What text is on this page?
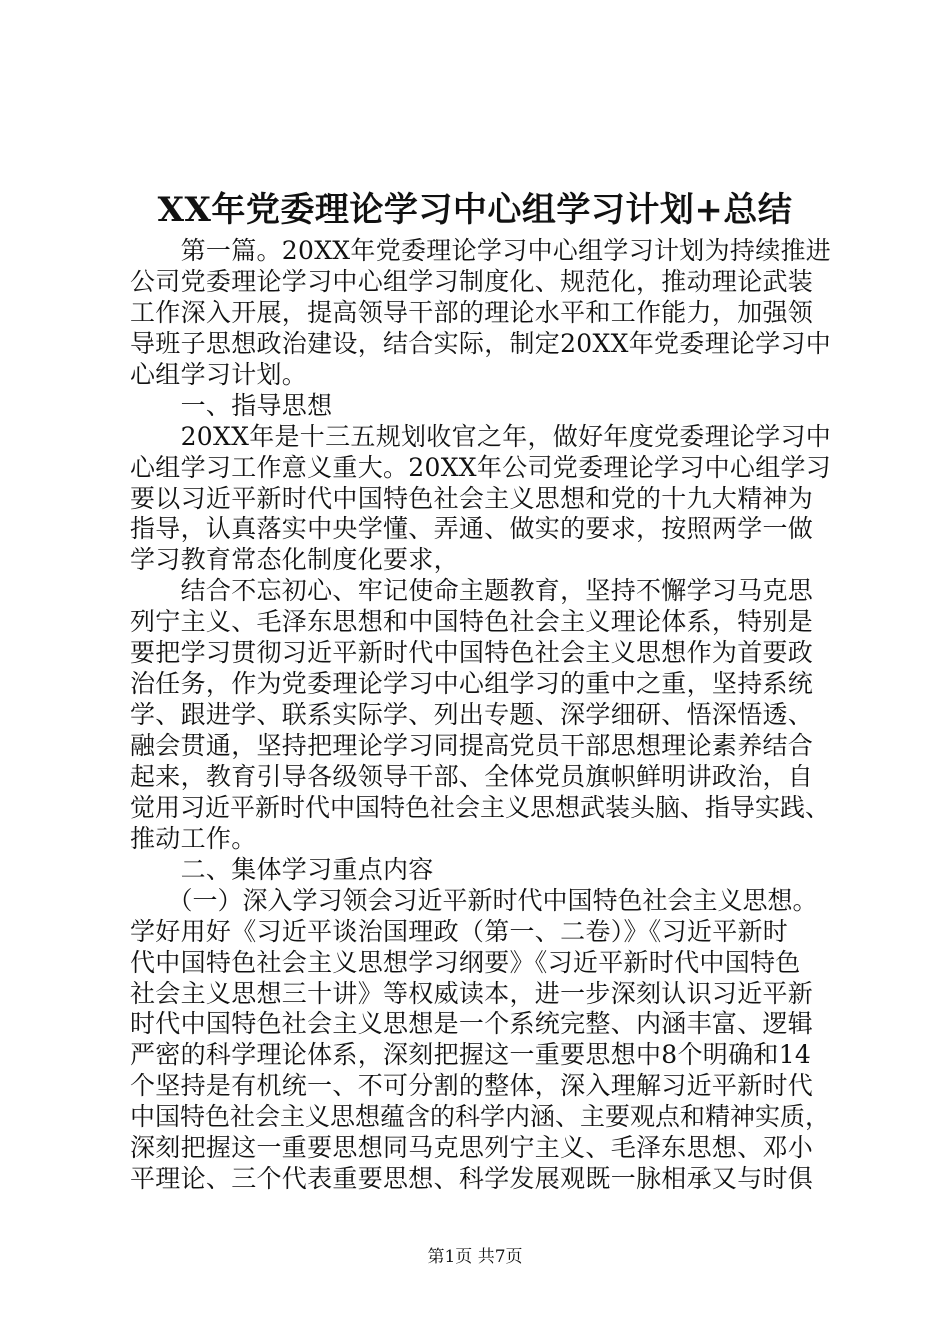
XX年党委理论学习中心组学习计划+总结
　　第一篇。20XX年党委理论学习中心组学习计划为持续推进
公司党委理论学习中心组学习制度化、规范化，推动理论武装
工作深入开展，提高领导干部的理论水平和工作能力，加强领
导班子思想政治建设，结合实际，制定20XX年党委理论学习中
心组学习计划。
　　一、指导思想
　　20XX年是十三五规划收官之年，做好年度党委理论学习中
心组学习工作意义重大。20XX年公司党委理论学习中心组学习
要以习近平新时代中国特色社会主义思想和党的十九大精神为
指导，认真落实中央学懂、弄通、做实的要求，按照两学一做
学习教育常态化制度化要求，
　　结合不忘初心、牢记使命主题教育，坚持不懈学习马克思
列宁主义、毛泽东思想和中国特色社会主义理论体系，特别是
要把学习贯彻习近平新时代中国特色社会主义思想作为首要政
治任务，作为党委理论学习中心组学习的重中之重，坚持系统
学、跟进学、联系实际学、列出专题、深学细研、悟深悟透、
融会贯通，坚持把理论学习同提高党员干部思想理论素养结合
起来，教育引导各级领导干部、全体党员旗帜鲜明讲政治，自
觉用习近平新时代中国特色社会主义思想武装头脑、指导实践、
推动工作。
　　二、集体学习重点内容
　　（一）深入学习领会习近平新时代中国特色社会主义思想。
学好用好《习近平谈治国理政（第一、二卷）》《习近平新时
代中国特色社会主义思想学习纲要》《习近平新时代中国特色
社会主义思想三十讲》等权威读本，进一步深刻认识习近平新
时代中国特色社会主义思想是一个系统完整、内涵丰富、逻辑
严密的科学理论体系，深刻把握这一重要思想中8个明确和14
个坚持是有机统一、不可分割的整体，深入理解习近平新时代
中国特色社会主义思想蕴含的科学内涵、主要观点和精神实质，
深刻把握这一重要思想同马克思列宁主义、毛泽东思想、邓小
平理论、三个代表重要思想、科学发展观既一脉相承又与时俱
第1页 共7页
